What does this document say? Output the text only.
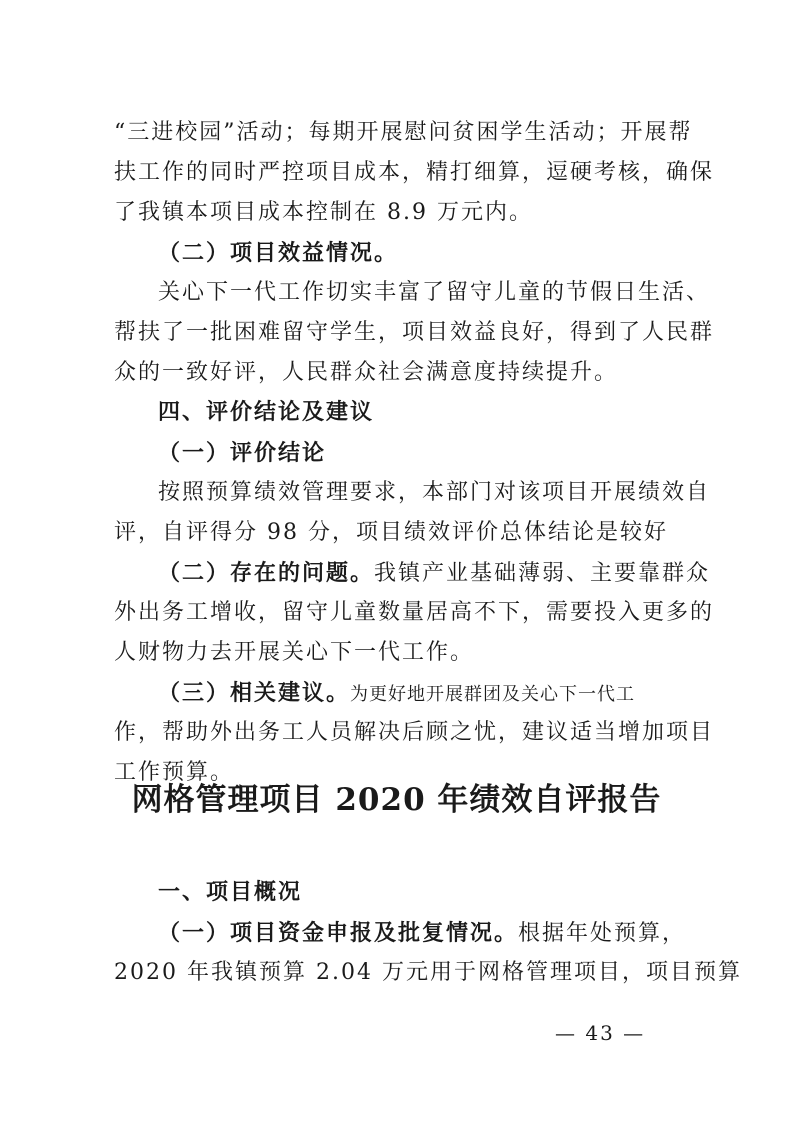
“三进校园”活动；每期开展慰问贫困学生活动；开展帮
扶工作的同时严控项目成本，精打细算，逗硬考核，确保
了我镇本项目成本控制在 8.9 万元内。
（二）项目效益情况。
关心下一代工作切实丰富了留守儿童的节假日生活、
帮扶了一批困难留守学生，项目效益良好，得到了人民群
众的一致好评，人民群众社会满意度持续提升。
四、评价结论及建议
（一）评价结论
按照预算绩效管理要求，本部门对该项目开展绩效自
评，自评得分 98 分，项目绩效评价总体结论是较好
（二）存在的问题。我镇产业基础薄弱、主要靠群众
外出务工增收，留守儿童数量居高不下，需要投入更多的
人财物力去开展关心下一代工作。
（三）相关建议。为更好地开展群团及关心下一代工
作，帮助外出务工人员解决后顾之忧，建议适当增加项目
工作预算。
网格管理项目 2020 年绩效自评报告
一、项目概况
（一）项目资金申报及批复情况。根据年处预算，
2020 年我镇预算 2.04 万元用于网格管理项目，项目预算
— 43 —
